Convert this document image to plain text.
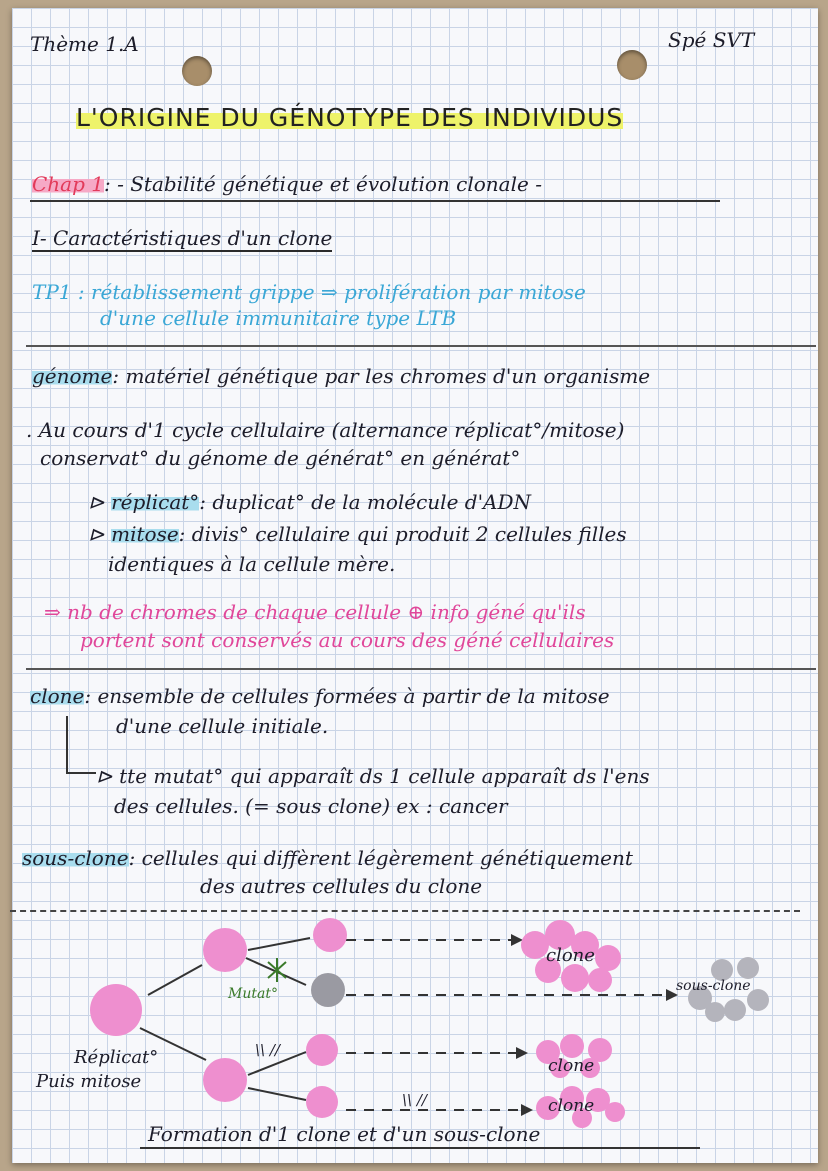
Thème 1.A	Spé SVT
L'ORIGINE DU GÉNOTYPE DES INDIVIDUS
Chap 1: - Stabilité génétique et évolution clonale -
I- Caractéristiques d'un clone
TP1 : rétablissement grippe ⇒ prolifération par mitose
d'une cellule immunitaire type LTB
génome: matériel génétique par les chromes d'un organisme
. Au cours d'1 cycle cellulaire (alternance réplicat°/mitose)
conservat° du génome de générat° en générat°
⊳ réplicat°: duplicat° de la molécule d'ADN
⊳ mitose: divis° cellulaire qui produit 2 cellules filles
identiques à la cellule mère.
⇒ nb de chromes de chaque cellule ⊕ info géné qu'ils
portent sont conservés au cours des géné cellulaires
clone: ensemble de cellules formées à partir de la mitose
d'une cellule initiale.
⊳ tte mutat° qui apparaît ds 1 cellule apparaît ds l'ens
des cellules. (= sous clone) ex : cancer
sous-clone: cellules qui diffèrent légèrement génétiquement
des autres cellules du clone
Réplicat°
Puis mitose
Mutat°
clone
sous-clone
clone
clone
\\ //
\\ //
Formation d'1 clone et d'un sous-clone
